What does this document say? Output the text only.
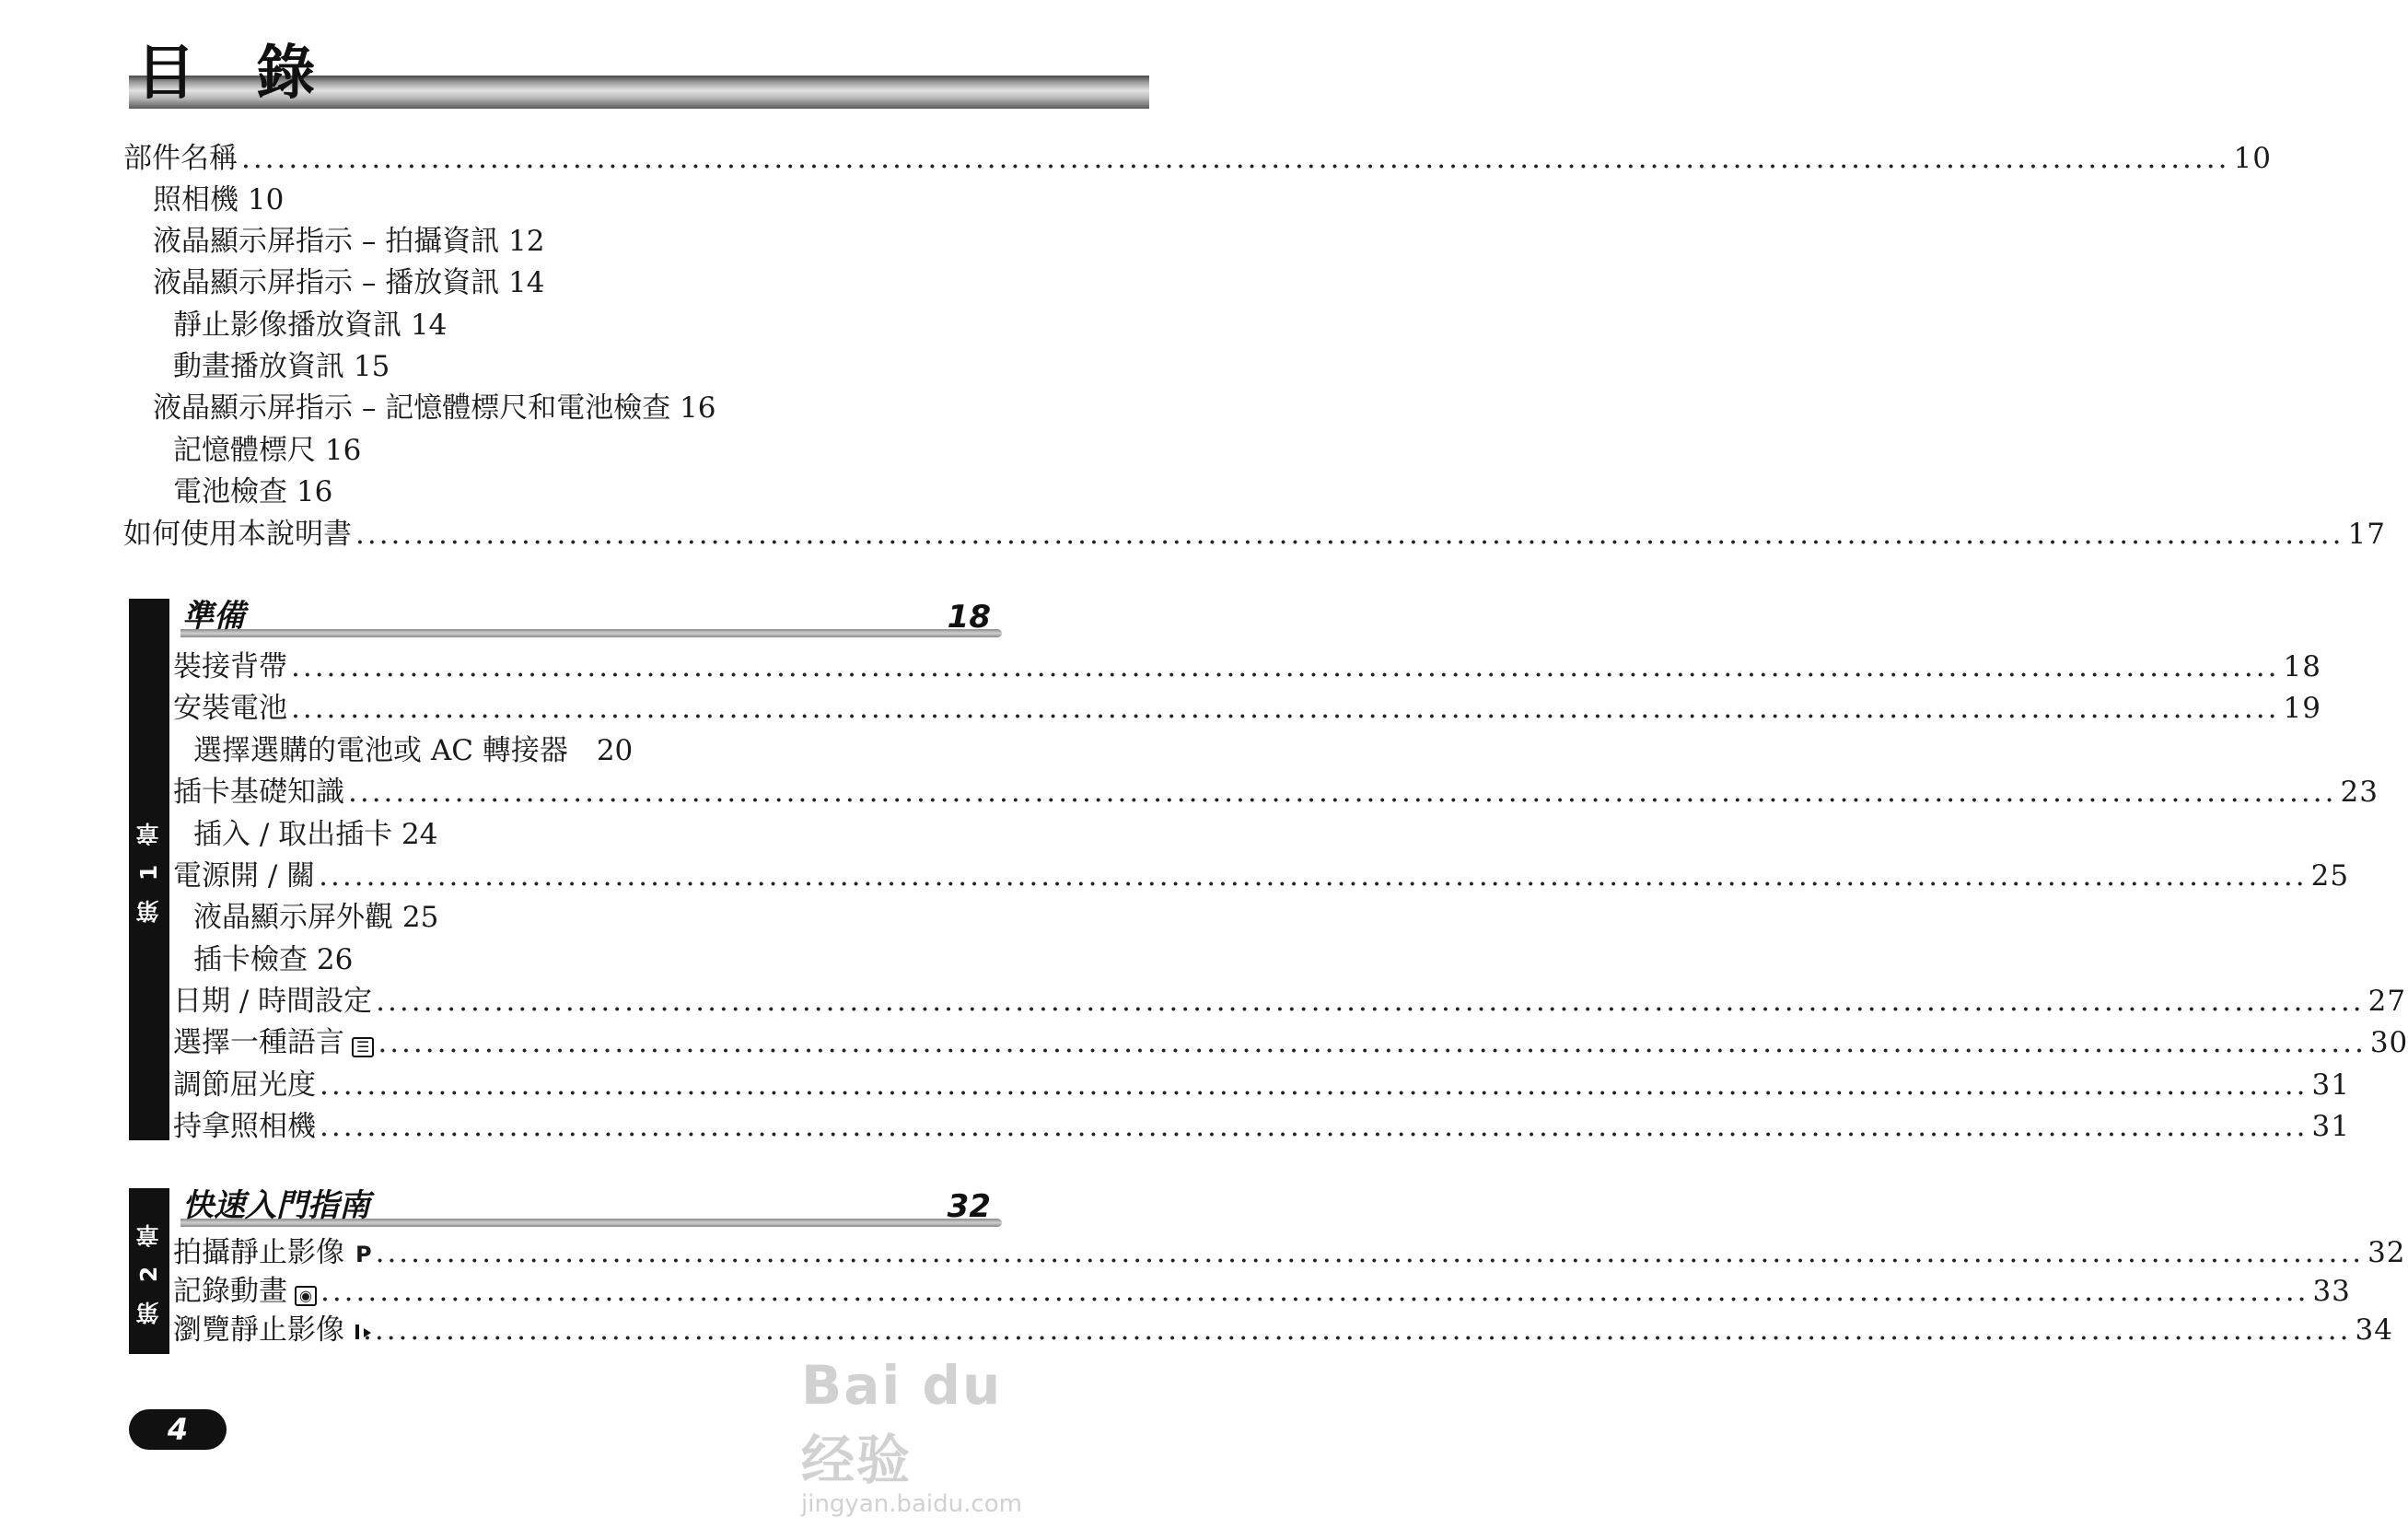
目 錄
部件名稱 ........................................................................................................................................................................ 10
照相機 10
液晶顯示屏指示 – 拍攝資訊 12
液晶顯示屏指示 – 播放資訊 14
靜止影像播放資訊 14
動畫播放資訊 15
液晶顯示屏指示 – 記憶體標尺和電池檢查 16
記憶體標尺 16
電池檢查 16
如何使用本說明書 ........................................................................................................................................................................ 17
第 1 章
準備	18
裝接背帶 ........................................................................................................................................................................ 18
安裝電池 ........................................................................................................................................................................ 19
選擇選購的電池或 AC 轉接器　20
插卡基礎知識 ........................................................................................................................................................................ 23
插入 / 取出插卡 24
電源開 / 關 ........................................................................................................................................................................ 25
液晶顯示屏外觀 25
插卡檢查 26
日期 / 時間設定 ........................................................................................................................................................................ 27
選擇一種語言 ☰ ........................................................................................................................................................................ 30
調節屈光度 ........................................................................................................................................................................ 31
持拿照相機 ........................................................................................................................................................................ 31
第 2 章
快速入門指南	32
拍攝靜止影像 P ........................................................................................................................................................................ 32
記錄動畫 ◉ ........................................................................................................................................................................ 33
瀏覽靜止影像 ........................................................................................................................................................................ 34
4
Bai du 经验
jingyan.baidu.com
